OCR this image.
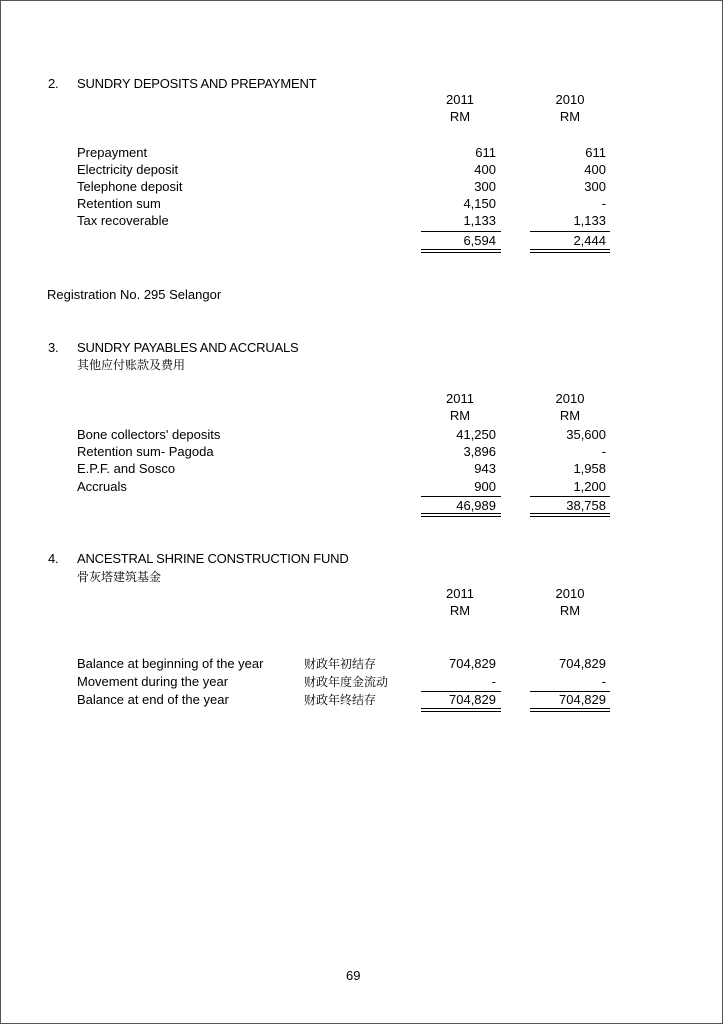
2. SUNDRY DEPOSITS AND PREPAYMENT
2011	2010
RM	RM
Prepayment	611	611
Electricity deposit	400	400
Telephone deposit	300	300
Retention sum	4,150	-
Tax recoverable	1,133	1,133
6,594	2,444
Registration No. 295 Selangor
3. SUNDRY PAYABLES AND ACCRUALS
其他应付账款及费用
2011	2010
RM	RM
Bone collectors' deposits	41,250	35,600
Retention sum- Pagoda	3,896	-
E.P.F. and Sosco	943	1,958
Accruals	900	1,200
46,989	38,758
4. ANCESTRAL SHRINE CONSTRUCTION FUND
骨灰塔建筑基金
2011	2010
RM	RM
Balance at beginning of the year	财政年初结存	704,829	704,829
Movement during the year	财政年度金流动	-	-
Balance at end of the year	财政年终结存	704,829	704,829
69
